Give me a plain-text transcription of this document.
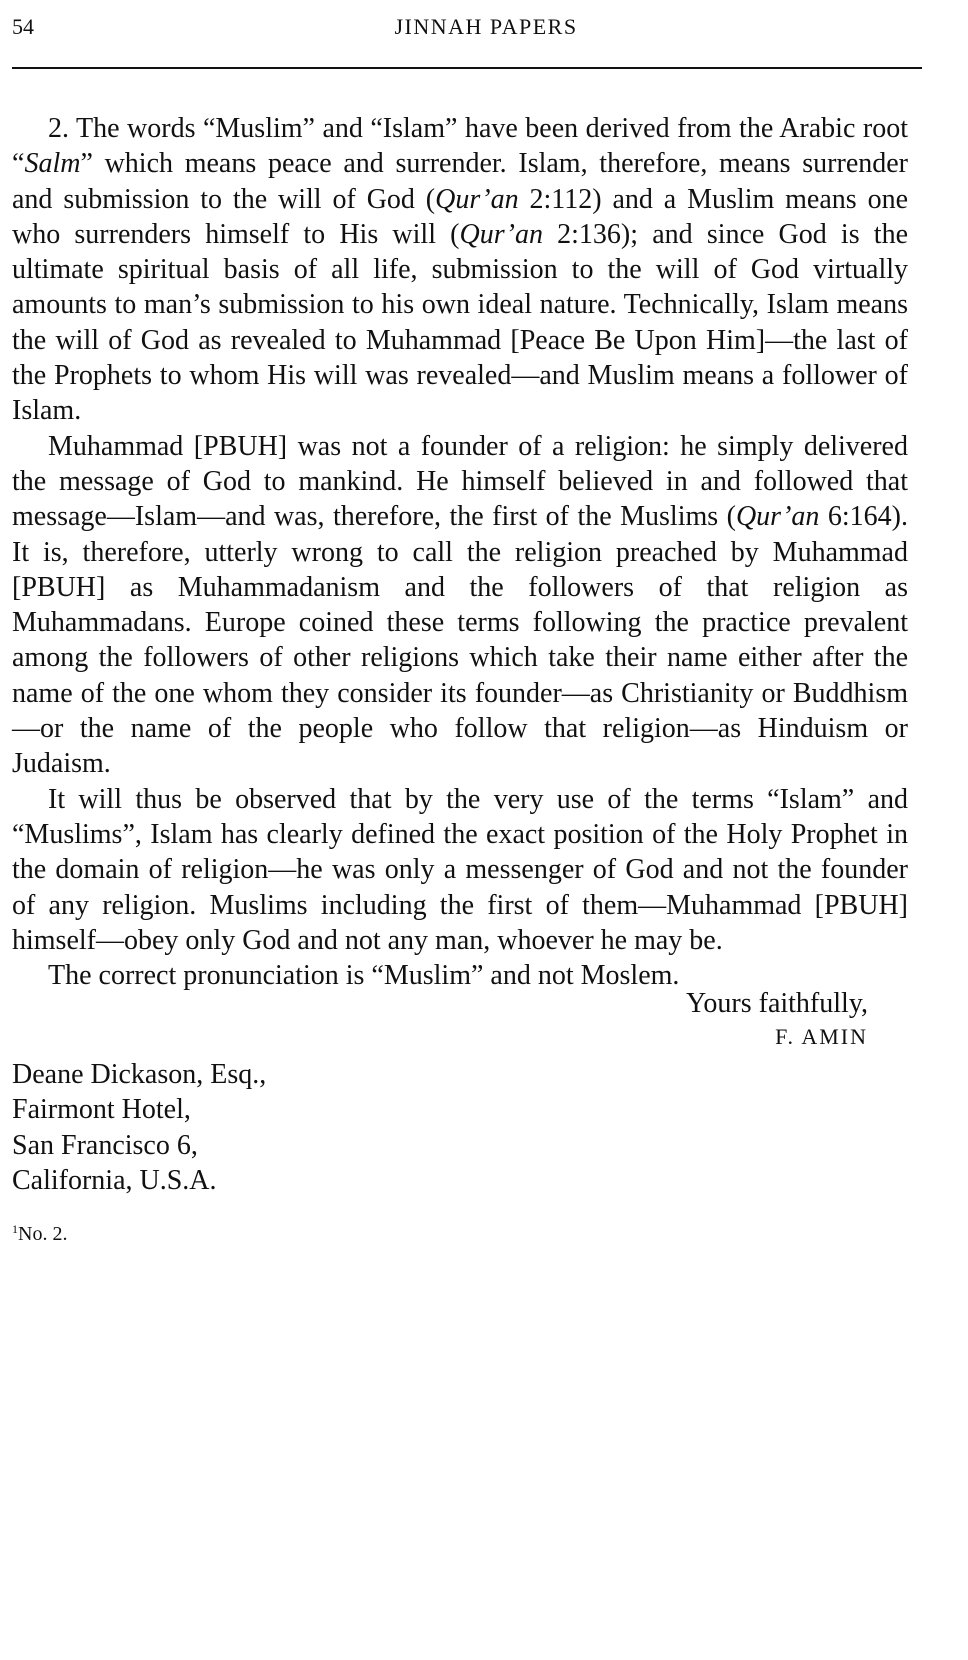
54	JINNAH PAPERS

2. The words “Muslim” and “Islam” have been derived from the Arabic root “Salm” which means peace and surrender. Islam, therefore, means surrender and submission to the will of God (Qur’an 2:112) and a Muslim means one who surrenders himself to His will (Qur’an 2:136); and since God is the ultimate spiritual basis of all life, submission to the will of God virtually amounts to man’s submission to his own ideal nature. Technically, Islam means the will of God as revealed to Muhammad [Peace Be Upon Him]—the last of the Prophets to whom His will was revealed—and Muslim means a follower of Islam.

Muhammad [PBUH] was not a founder of a religion: he simply delivered the message of God to mankind. He himself believed in and followed that message—Islam—and was, therefore, the first of the Muslims (Qur’an 6:164). It is, therefore, utterly wrong to call the religion preached by Muhammad [PBUH] as Muhammadanism and the followers of that religion as Muhammadans. Europe coined these terms following the practice prevalent among the followers of other religions which take their name either after the name of the one whom they consider its founder—as Christianity or Buddhism—or the name of the people who follow that religion—as Hinduism or Judaism.

It will thus be observed that by the very use of the terms “Islam” and “Muslims”, Islam has clearly defined the exact position of the Holy Prophet in the domain of religion—he was only a messenger of God and not the founder of any religion. Muslims including the first of them—Muhammad [PBUH] himself—obey only God and not any man, whoever he may be.

The correct pronunciation is “Muslim” and not Moslem.

Yours faithfully,
F. AMIN
Deane Dickason, Esq.,
Fairmont Hotel,
San Francisco 6,
California, U.S.A.
$^1$No. 2.
